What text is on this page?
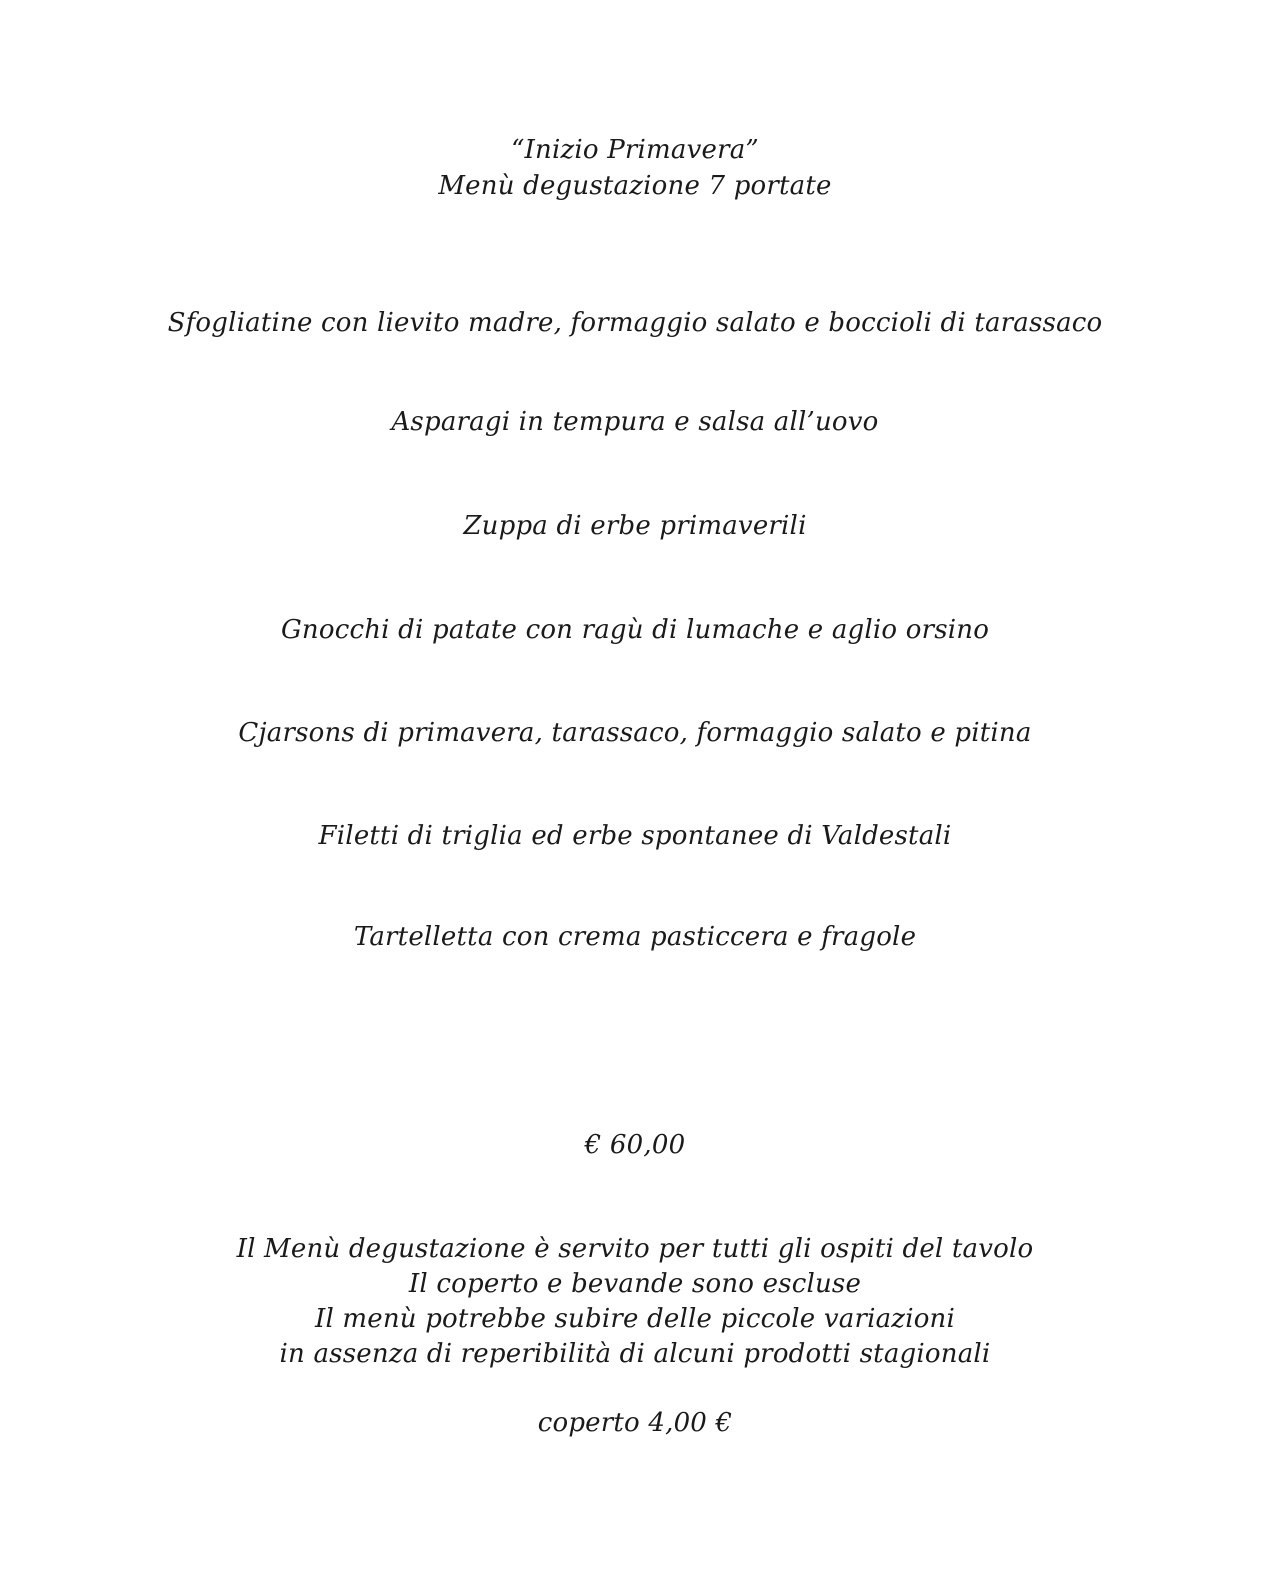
“Inizio Primavera”
Menù degustazione 7 portate
Sfogliatine con lievito madre, formaggio salato e boccioli di tarassaco
Asparagi in tempura e salsa all’uovo
Zuppa di erbe primaverili
Gnocchi di patate con ragù di lumache e aglio orsino
Cjarsons di primavera, tarassaco, formaggio salato e pitina
Filetti di triglia ed erbe spontanee di Valdestali
Tartelletta con crema pasticcera e fragole
€ 60,00
Il Menù degustazione è servito per tutti gli ospiti del tavolo
Il coperto e bevande sono escluse
Il menù potrebbe subire delle piccole variazioni
in assenza di reperibilità di alcuni prodotti stagionali
coperto 4,00 €
